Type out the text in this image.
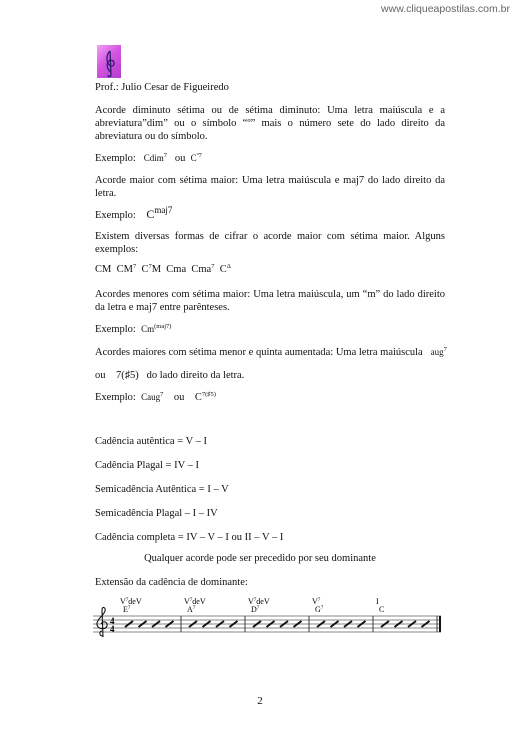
www.cliqueapostilas.com.br
Prof.: Julio Cesar de Figueiredo
Acorde diminuto sétima ou de sétima diminuto: Uma letra maiúscula e a abreviatura”dim” ou o símbolo “º” mais o número sete do lado direito da abreviatura ou do símbolo.
Exemplo: Cdim$^7$ ou $C^{º7}$
Acorde maior com sétima maior: Uma letra maiúscula e maj7 do lado direito da letra.
Exemplo: $C^{maj7}$
Existem diversas formas de cifrar o acorde maior com sétima maior. Alguns exemplos:
CM $CM^7$ $C^7M$ Cma Cma$^7$ $C^\Delta$
Acordes menores com sétima maior: Uma letra maiúscula, um “m” do lado direito da letra e maj7 entre parênteses.
Exemplo: $Cm^{(maj7)}$
Acordes maiores com sétima menor e quinta aumentada: Uma letra maiúscula aug$^7$
ou 7(♯5) do lado direito da letra.
Exemplo: Caug$^7$ ou $C^{7(♯5)}$
Cadência autêntica = V – I
Cadência Plagal = IV – I
Semicadência Autêntica = I – V
Semicadência Plagal – I – IV
Cadência completa = IV – V – I ou II – V – I
Qualquer acorde pode ser precedido por seu dominante
Extensão da cadência de dominante:
4
4
$V^7deV$
$E^7$
$V^7deV$
$A^7$
$V^7deV$
$D^7$
$V^7$
$G^7$
I
C
2
